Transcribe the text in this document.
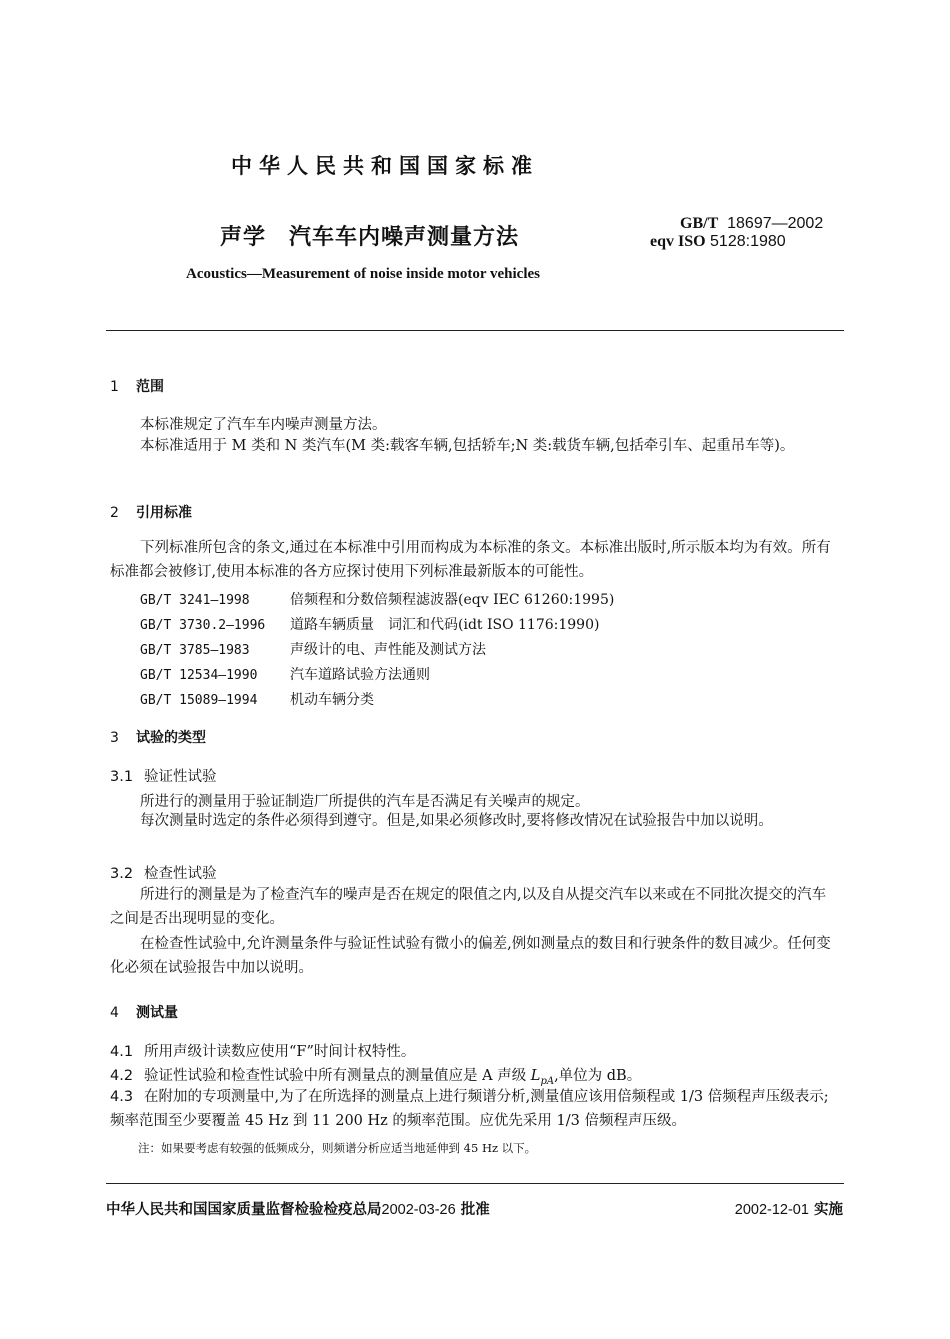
中华人民共和国国家标准
声学　汽车车内噪声测量方法
GB/T 18697—2002
eqv ISO 5128:1980
Acoustics—Measurement of noise inside motor vehicles
1 范围
本标准规定了汽车车内噪声测量方法。
本标准适用于 M 类和 N 类汽车(M 类:载客车辆,包括轿车;N 类:载货车辆,包括牵引车、起重吊车等)。
2 引用标准
下列标准所包含的条文,通过在本标准中引用而构成为本标准的条文。本标准出版时,所示版本均为有效。所有标准都会被修订,使用本标准的各方应探讨使用下列标准最新版本的可能性。
GB/T 3241—1998	倍频程和分数倍频程滤波器(eqv IEC 61260:1995)
GB/T 3730.2—1996 道路车辆质量　词汇和代码(idt ISO 1176:1990)
GB/T 3785—1983	声级计的电、声性能及测试方法
GB/T 12534—1990 汽车道路试验方法通则
GB/T 15089—1994 机动车辆分类
3 试验的类型
3.1 验证性试验
所进行的测量用于验证制造厂所提供的汽车是否满足有关噪声的规定。
每次测量时选定的条件必须得到遵守。但是,如果必须修改时,要将修改情况在试验报告中加以说明。
3.2 检查性试验
所进行的测量是为了检查汽车的噪声是否在规定的限值之内,以及自从提交汽车以来或在不同批次提交的汽车之间是否出现明显的变化。
在检查性试验中,允许测量条件与验证性试验有微小的偏差,例如测量点的数目和行驶条件的数目减少。任何变化必须在试验报告中加以说明。
4 测试量
4.1 所用声级计读数应使用“F”时间计权特性。
4.2 验证性试验和检查性试验中所有测量点的测量值应是 A 声级 $L_{pA}$,单位为 dB。
4.3 在附加的专项测量中,为了在所选择的测量点上进行频谱分析,测量值应该用倍频程或 1/3 倍频程声压级表示;频率范围至少要覆盖 45 Hz 到 11 200 Hz 的频率范围。应优先采用 1/3 倍频程声压级。
注：如果要考虑有较强的低频成分，则频谱分析应适当地延伸到 45 Hz 以下。
中华人民共和国国家质量监督检验检疫总局2002-03-26 批准	2002-12-01 实施
